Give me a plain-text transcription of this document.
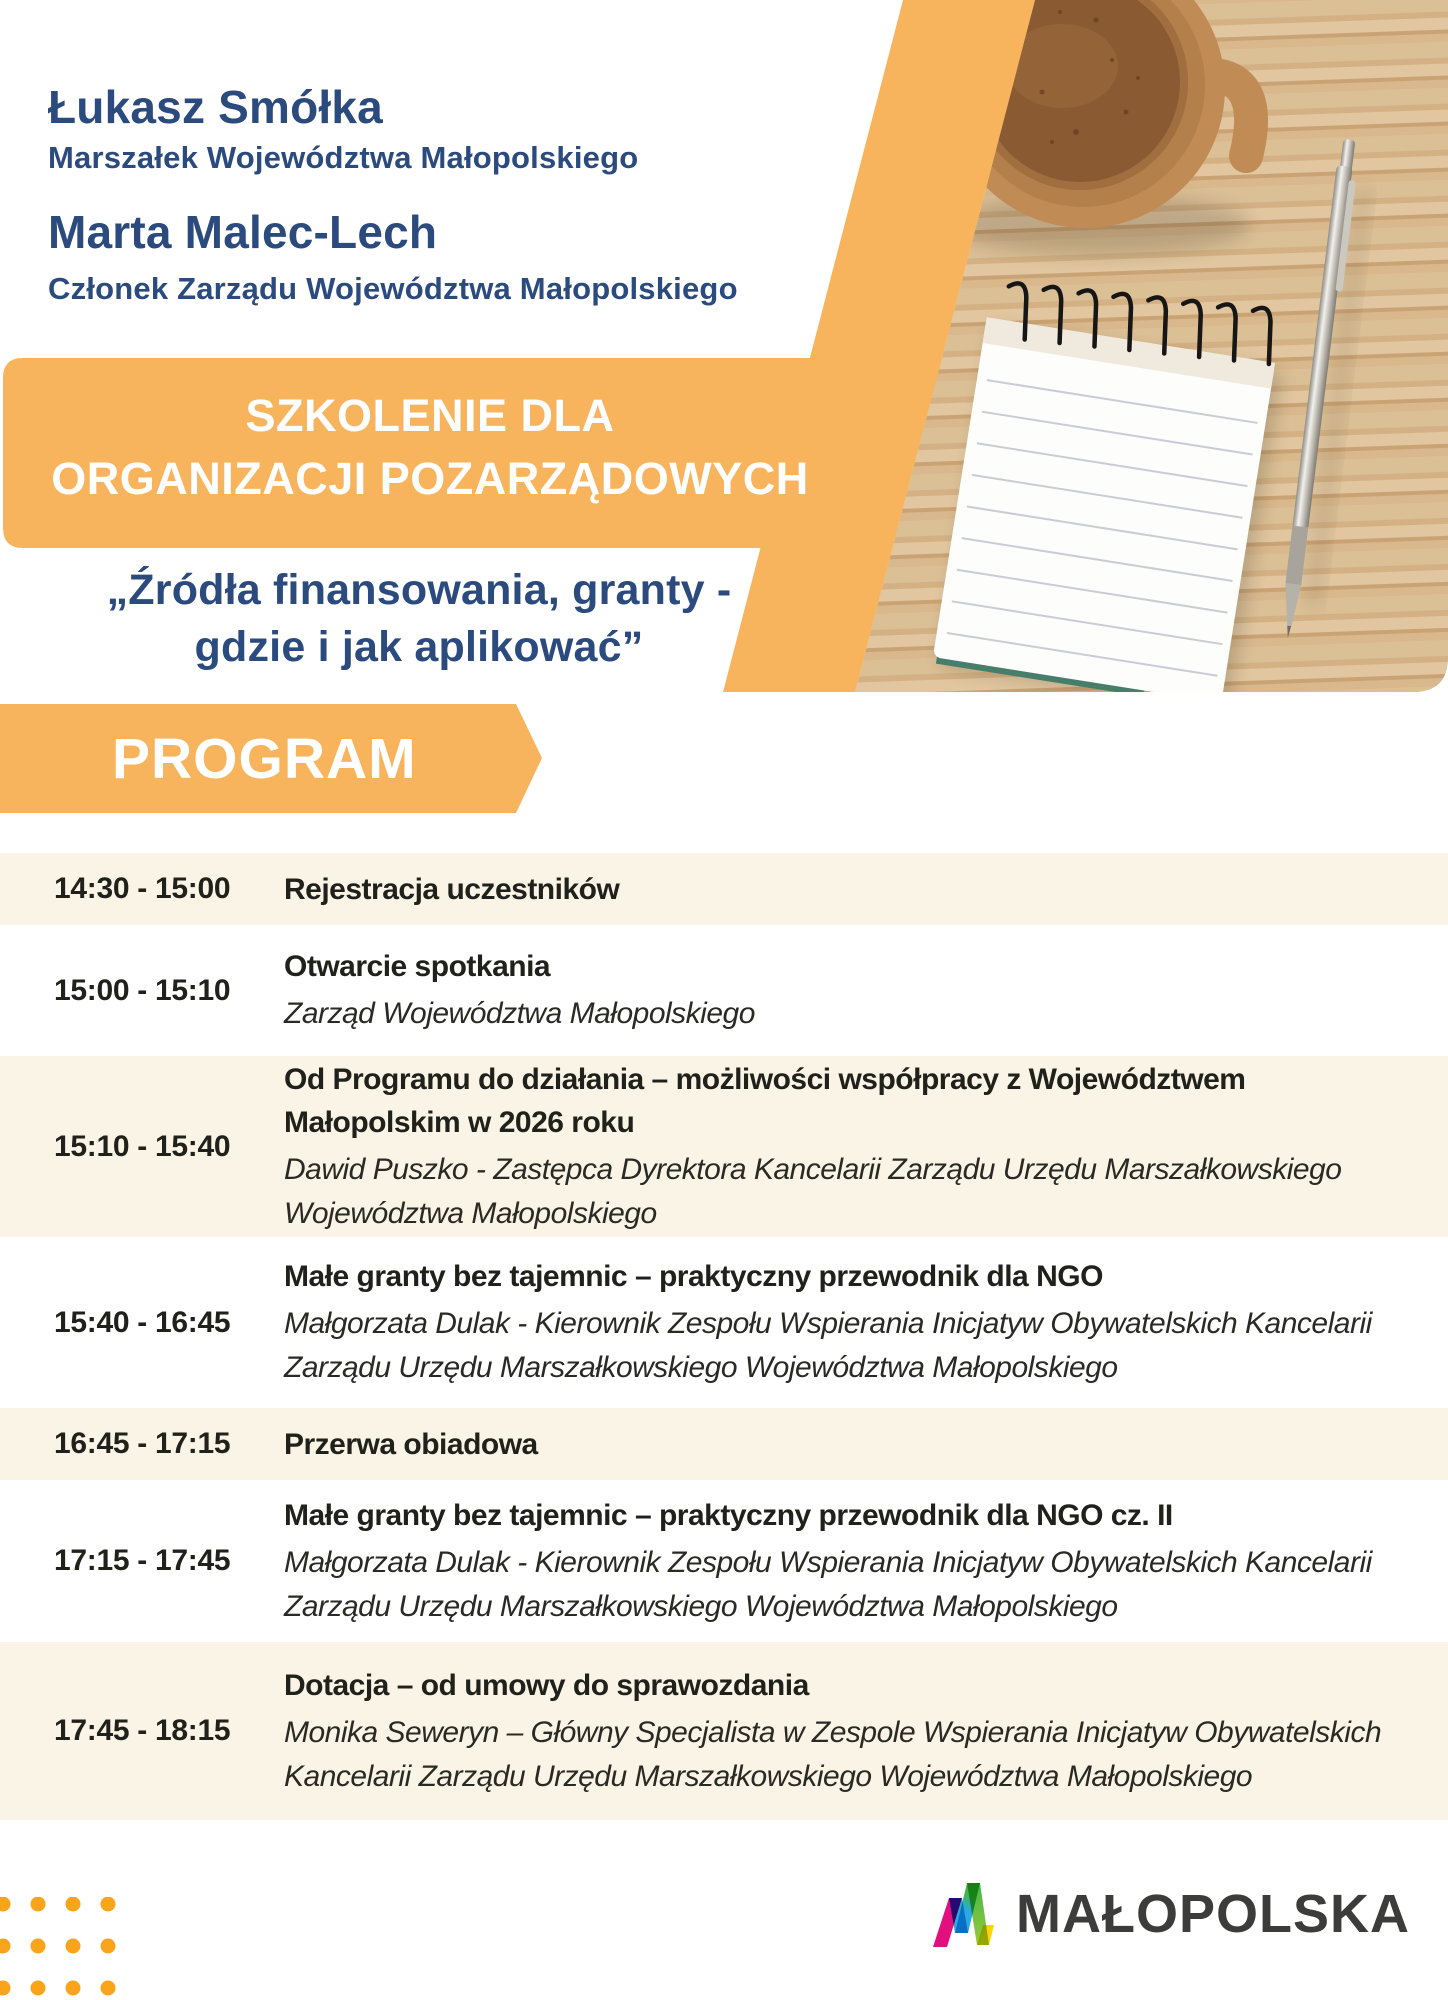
Łukasz Smółka
Marszałek Województwa Małopolskiego
Marta Malec-Lech
Członek Zarządu Województwa Małopolskiego
SZKOLENIE DLA
ORGANIZACJI POZARZĄDOWYCH
„Źródła finansowania, granty -
gdzie i jak aplikować”
PROGRAM
14:30 - 15:00	Rejestracja uczestników
15:00 - 15:10
Otwarcie spotkania
Zarząd Województwa Małopolskiego
15:10 - 15:40
Od Programu do działania – możliwości współpracy z Województwem Małopolskim w 2026 roku
Dawid Puszko - Zastępca Dyrektora Kancelarii Zarządu Urzędu Marszałkowskiego Województwa Małopolskiego
15:40 - 16:45
Małe granty bez tajemnic – praktyczny przewodnik dla NGO
Małgorzata Dulak - Kierownik Zespołu Wspierania Inicjatyw Obywatelskich Kancelarii Zarządu Urzędu Marszałkowskiego Województwa Małopolskiego
16:45 - 17:15	Przerwa obiadowa
17:15 - 17:45
Małe granty bez tajemnic – praktyczny przewodnik dla NGO cz. II
Małgorzata Dulak - Kierownik Zespołu Wspierania Inicjatyw Obywatelskich Kancelarii Zarządu Urzędu Marszałkowskiego Województwa Małopolskiego
17:45 - 18:15
Dotacja – od umowy do sprawozdania
Monika Seweryn – Główny Specjalista w Zespole Wspierania Inicjatyw Obywatelskich Kancelarii Zarządu Urzędu Marszałkowskiego Województwa Małopolskiego
MAŁOPOLSKA
